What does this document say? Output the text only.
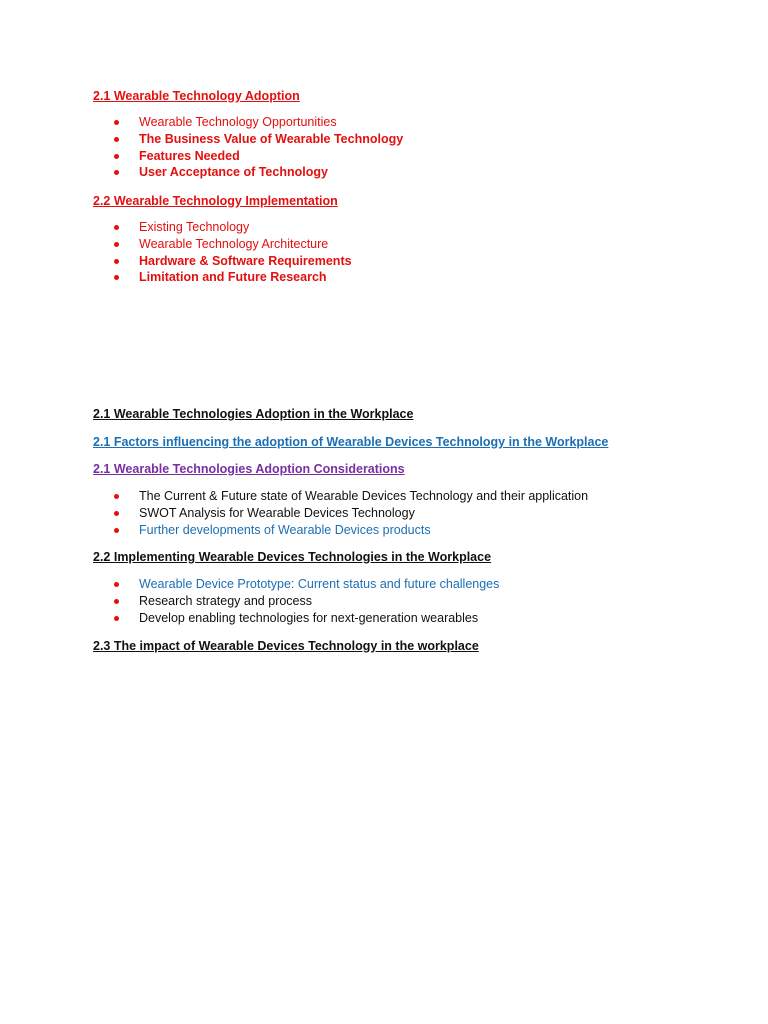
2.1 Wearable Technology Adoption

Wearable Technology Opportunities
The Business Value of Wearable Technology
Features Needed
User Acceptance of Technology

2.2 Wearable Technology Implementation

Existing Technology
Wearable Technology Architecture
Hardware & Software Requirements
Limitation and Future Research

2.1 Wearable Technologies Adoption in the Workplace

2.1 Factors influencing the adoption of Wearable Devices Technology in the Workplace

2.1 Wearable Technologies Adoption Considerations

The Current & Future state of Wearable Devices Technology and their application
SWOT Analysis for Wearable Devices Technology
Further developments of Wearable Devices products

2.2 Implementing Wearable Devices Technologies in the Workplace

Wearable Device Prototype: Current status and future challenges
Research strategy and process
Develop enabling technologies for next-generation wearables

2.3 The impact of Wearable Devices Technology in the workplace
